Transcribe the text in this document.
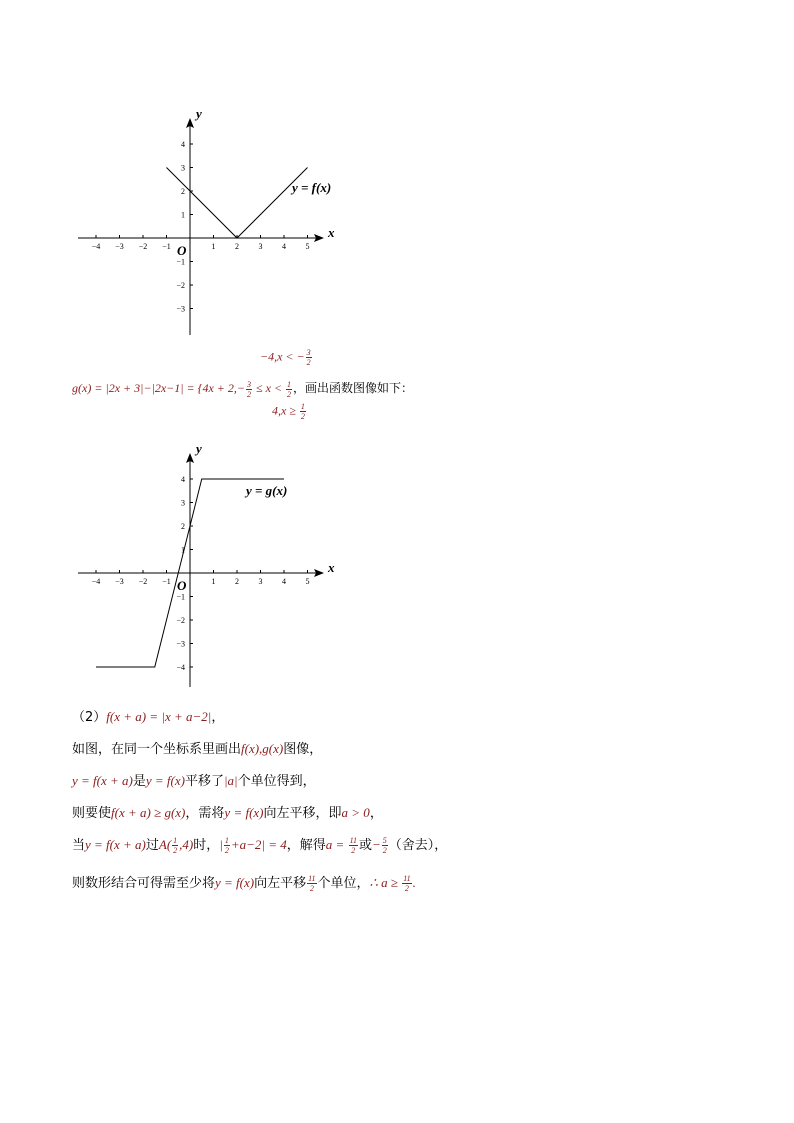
y
x
O
−4 −3 −2 −1	1 2 3 4 5
4
3
2
1
−1
−2
−3
y = f(x)
−4,x < − $\frac{3}{2}$
$g(x) = |2x + 3|-|2x-1| = \{4x + 2,- \frac{3}{2} \le x < \frac{1}{2}$ ，画出函数图像如下：
$4,x \ge \frac{1}{2}$
y
x
O
−4 −3 −2 −1	1 2 3 4 5
4
3
2
1
−1
−2
−3
−4
y = g(x)
（2）f(x + a) = |x + a−2|，
如图，在同一个坐标系里画出f(x),g(x)图像，
y = f(x + a)是y = f(x)平移了|a|个单位得到，
则要使f(x + a) ≥ g(x)，需将y = f(x)向左平移，即a > 0，
当y = f(x + a)过$A( \frac{1}{2} ,4)$时，| $\frac{1}{2} +a-2| = 4$，解得$a = \frac{11}{2}$ 或− $\frac{5}{2}$ （舍去），
则数形结合可得需至少将y = f(x)向左平移 $\frac{11}{2}$ 个单位，∴ $a \ge \frac{11}{2}$ .
